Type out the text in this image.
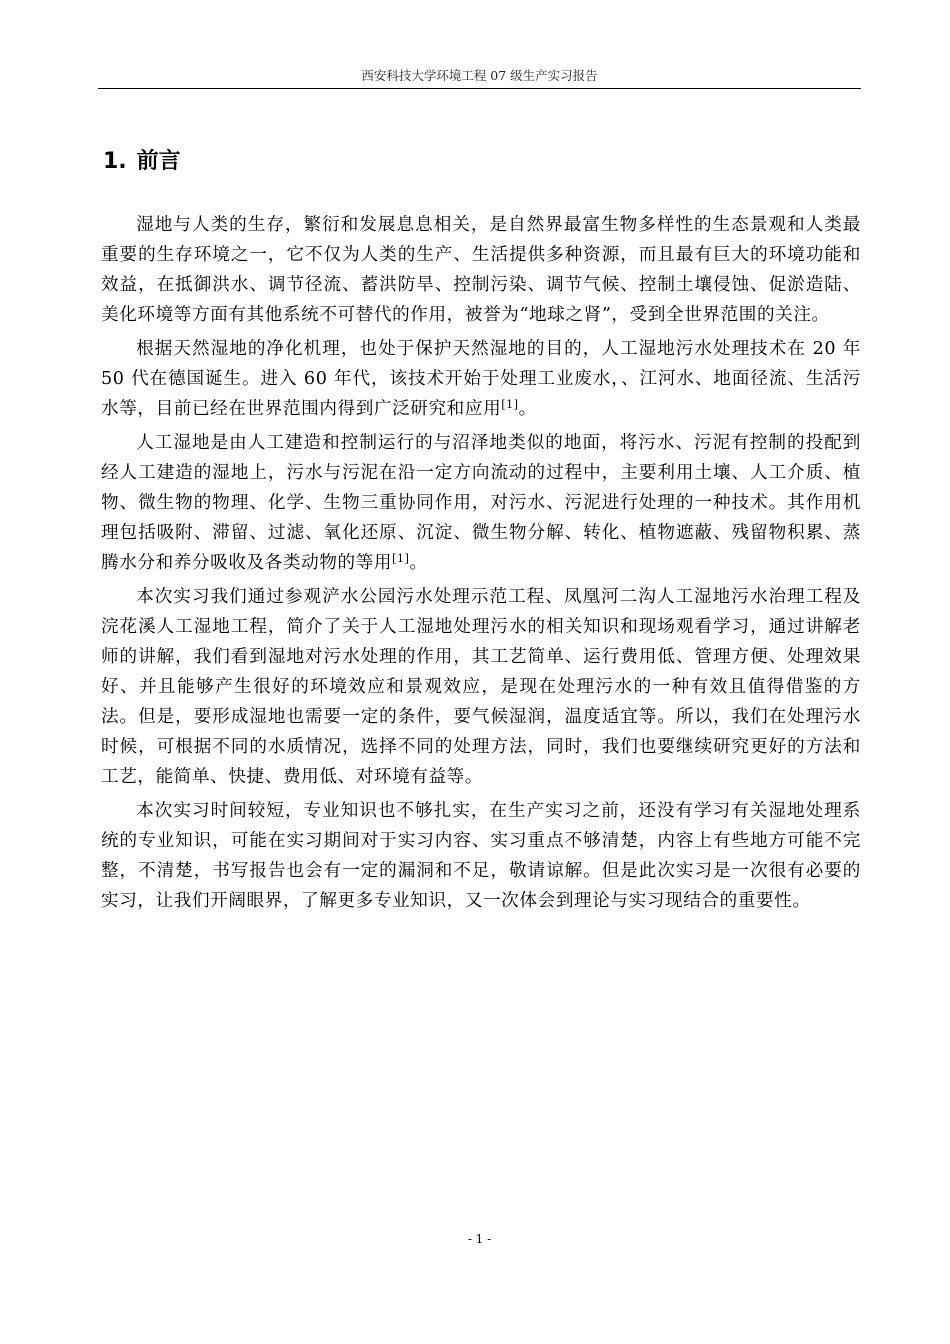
西安科技大学环境工程 07 级生产实习报告
1. 前言

湿地与人类的生存，繁衍和发展息息相关，是自然界最富生物多样性的生态景观和人类最重要的生存环境之一，它不仅为人类的生产、生活提供多种资源，而且最有巨大的环境功能和效益，在抵御洪水、调节径流、蓄洪防旱、控制污染、调节气候、控制土壤侵蚀、促淤造陆、美化环境等方面有其他系统不可替代的作用，被誉为“地球之肾”，受到全世界范围的关注。

根据天然湿地的净化机理，也处于保护天然湿地的目的，人工湿地污水处理技术在 20 年 50 代在德国诞生。进入 60 年代，该技术开始于处理工业废水，、江河水、地面径流、生活污水等，目前已经在世界范围内得到广泛研究和应用[1]。

人工湿地是由人工建造和控制运行的与沼泽地类似的地面，将污水、污泥有控制的投配到经人工建造的湿地上，污水与污泥在沿一定方向流动的过程中，主要利用土壤、人工介质、植物、微生物的物理、化学、生物三重协同作用，对污水、污泥进行处理的一种技术。其作用机理包括吸附、滞留、过滤、氧化还原、沉淀、微生物分解、转化、植物遮蔽、残留物积累、蒸腾水分和养分吸收及各类动物的等用[1]。

本次实习我们通过参观浐水公园污水处理示范工程、凤凰河二沟人工湿地污水治理工程及浣花溪人工湿地工程，简介了关于人工湿地处理污水的相关知识和现场观看学习，通过讲解老师的讲解，我们看到湿地对污水处理的作用，其工艺简单、运行费用低、管理方便、处理效果好、并且能够产生很好的环境效应和景观效应，是现在处理污水的一种有效且值得借鉴的方法。但是，要形成湿地也需要一定的条件，要气候湿润，温度适宜等。所以，我们在处理污水时候，可根据不同的水质情况，选择不同的处理方法，同时，我们也要继续研究更好的方法和工艺，能简单、快捷、费用低、对环境有益等。

本次实习时间较短，专业知识也不够扎实，在生产实习之前，还没有学习有关湿地处理系统的专业知识，可能在实习期间对于实习内容、实习重点不够清楚，内容上有些地方可能不完整，不清楚，书写报告也会有一定的漏洞和不足，敬请谅解。但是此次实习是一次很有必要的实习，让我们开阔眼界，了解更多专业知识，又一次体会到理论与实习现结合的重要性。

- 1 -
